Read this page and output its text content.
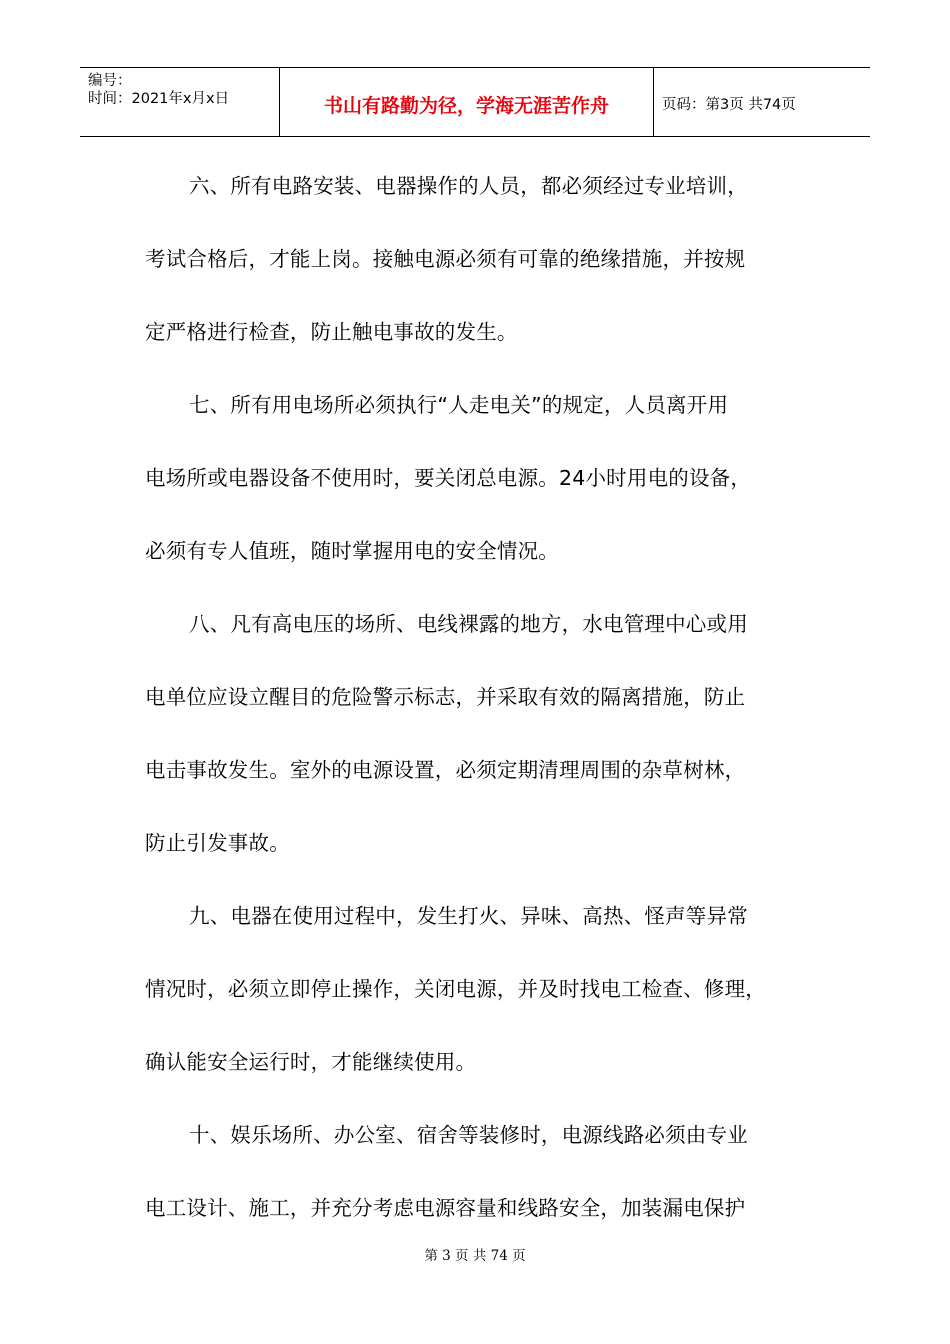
编号：
时间：2021年x月x日	书山有路勤为径，学海无涯苦作舟	页码：第3页 共74页
六、所有电路安装、电器操作的人员，都必须经过专业培训，
考试合格后，才能上岗。接触电源必须有可靠的绝缘措施，并按规
定严格进行检查，防止触电事故的发生。
七、所有用电场所必须执行“人走电关”的规定，人员离开用
电场所或电器设备不使用时，要关闭总电源。24小时用电的设备，
必须有专人值班，随时掌握用电的安全情况。
八、凡有高电压的场所、电线裸露的地方，水电管理中心或用
电单位应设立醒目的危险警示标志，并采取有效的隔离措施，防止
电击事故发生。室外的电源设置，必须定期清理周围的杂草树林，
防止引发事故。
九、电器在使用过程中，发生打火、异味、高热、怪声等异常
情况时，必须立即停止操作，关闭电源，并及时找电工检查、修理，
确认能安全运行时，才能继续使用。
十、娱乐场所、办公室、宿舍等装修时，电源线路必须由专业
电工设计、施工，并充分考虑电源容量和线路安全，加装漏电保护
第 3 页 共 74 页
